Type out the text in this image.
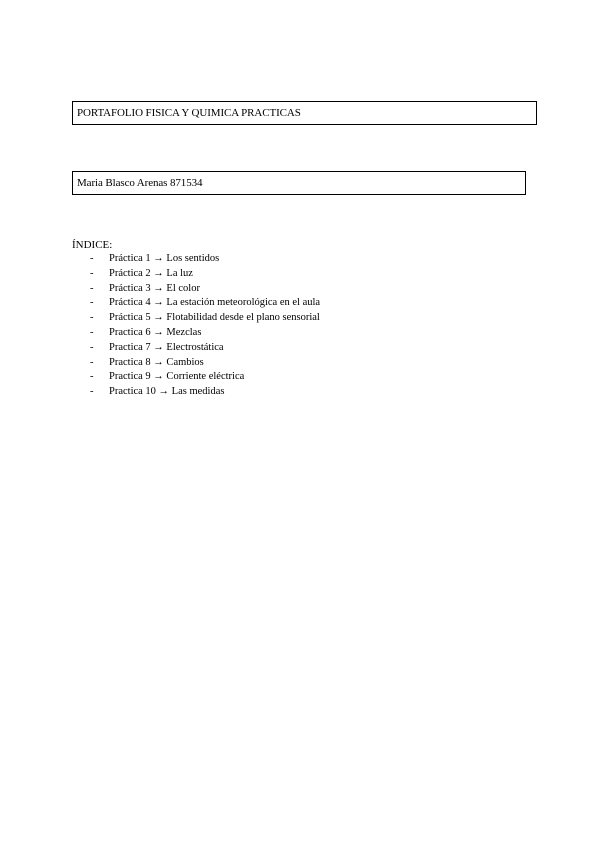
PORTAFOLIO FISICA Y QUIMICA PRACTICAS
Maria Blasco Arenas 871534
ÍNDICE:
- Práctica 1 → Los sentidos
- Práctica 2 → La luz
- Práctica 3 → El color
- Práctica 4 → La estación meteorológica en el aula
- Práctica 5 → Flotabilidad desde el plano sensorial
- Practica 6 → Mezclas
- Practica 7 → Electrostática
- Practica 8 → Cambios
- Practica 9 → Corriente eléctrica
- Practica 10 → Las medidas
